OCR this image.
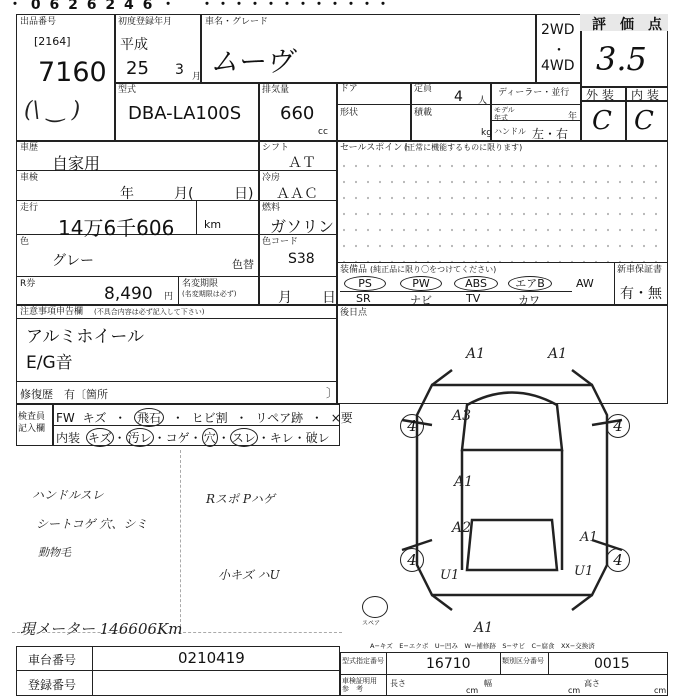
・ 0 6 2 6 2 4 6 ・ ・・・・・・・・・・・・
出品番号
[2164]
7160
(\ ‿ )
初度登録年月
平成
25 3 月
車名・グレード
ムーヴ
2WD
・
4WD
評　価　点
3.5
外 装 内 装
C C
型式
DBA-LA100S
排気量
660
cc
ドア	定員 4 人
ディーラー・並行
形状	積載
kg
モデル
年式	年
ハンドル 左・右
車歴
自家用
シフト
ＡＴ
車検
年	月(	日)
冷房
ＡＡＣ
走行
14万6千606	km
燃料
ガソリン
色
グレー	色替
色コード
S38
R券	8,490 円
名変期限
(名変期限は必ず)	月 日
セールスポイント
(正常に機能するものに限ります)
装備品 (純正品に限り〇をつけてください)	新車保証書
有・無
PS	PW	ABS	エアB	AW
SR	ナビ	TV	カワ
注意事項申告欄 (不具合内容は必ず記入して下さい)
アルミホイール
E/G音
修復歴 有〔箇所	〕
後日点
検査員
記入欄
FW キズ ・ 飛石 ・ ヒビ割 ・ リペア跡 ・ ×要
内装 キズ ・ 汚レ ・コゲ・ 穴 ・ スレ ・キレ・破レ
ハンドルスレ
シートコゲ 穴、シミ
動物毛
Rスポ Pハゲ
小キズ ハU
現メーター 146606Km
A1	A1
A3
A1
A2
A1
4	4
4	4
U1	U1
A1
スペア
A−キズ　E−エクボ　U−凹み　W−補修跡　S−サビ　C−腐食　XX−交換済
車台番号	0210419
登録番号
型式指定番号	16710	類別区分番号	0015
車検証明用
参　考
長さ
cm
幅
cm
高さ
cm
